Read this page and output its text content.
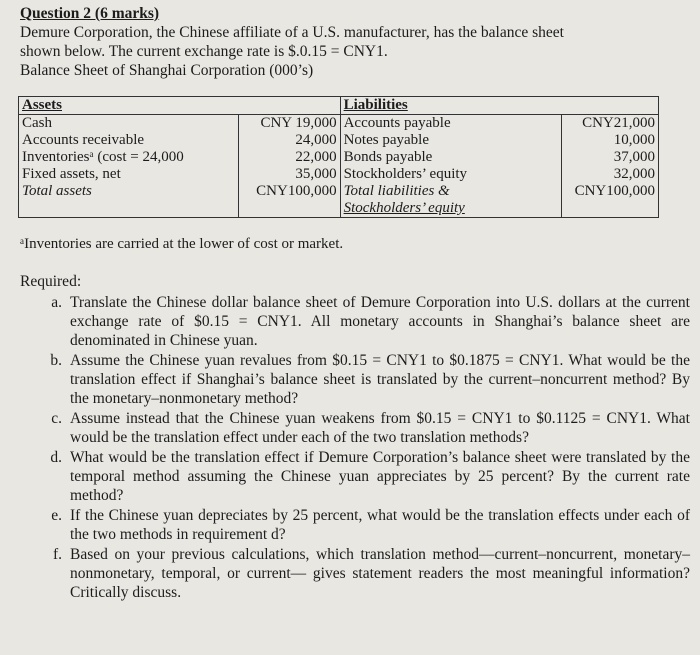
Question 2 (6 marks)
Demure Corporation, the Chinese affiliate of a U.S. manufacturer, has the balance sheet
shown below. The current exchange rate is $.0.15 = CNY1.
Balance Sheet of Shanghai Corporation (000’s)
Assets		Liabilities	
Cash	CNY 19,000	Accounts payable	CNY21,000
Accounts receivable	24,000	Notes payable	10,000
Inventoriesᵃ (cost = 24,000	22,000	Bonds payable	37,000
Fixed assets, net	35,000	Stockholders’ equity	32,000
Total assets	CNY100,000	Total liabilities &	CNY100,000
		Stockholders’ equity	
ᵃInventories are carried at the lower of cost or market.
Required:
a. Translate the Chinese dollar balance sheet of Demure Corporation into U.S. dollars at the current exchange rate of $0.15 = CNY1. All monetary accounts in Shanghai’s balance sheet are denominated in Chinese yuan.
b. Assume the Chinese yuan revalues from $0.15 = CNY1 to $0.1875 = CNY1. What would be the translation effect if Shanghai’s balance sheet is translated by the current–noncurrent method? By the monetary–nonmonetary method?
c. Assume instead that the Chinese yuan weakens from $0.15 = CNY1 to $0.1125 = CNY1. What would be the translation effect under each of the two translation methods?
d. What would be the translation effect if Demure Corporation’s balance sheet were translated by the temporal method assuming the Chinese yuan appreciates by 25 percent? By the current rate method?
e. If the Chinese yuan depreciates by 25 percent, what would be the translation effects under each of the two methods in requirement d?
f. Based on your previous calculations, which translation method—current–noncurrent, monetary– nonmonetary, temporal, or current— gives statement readers the most meaningful information? Critically discuss.
